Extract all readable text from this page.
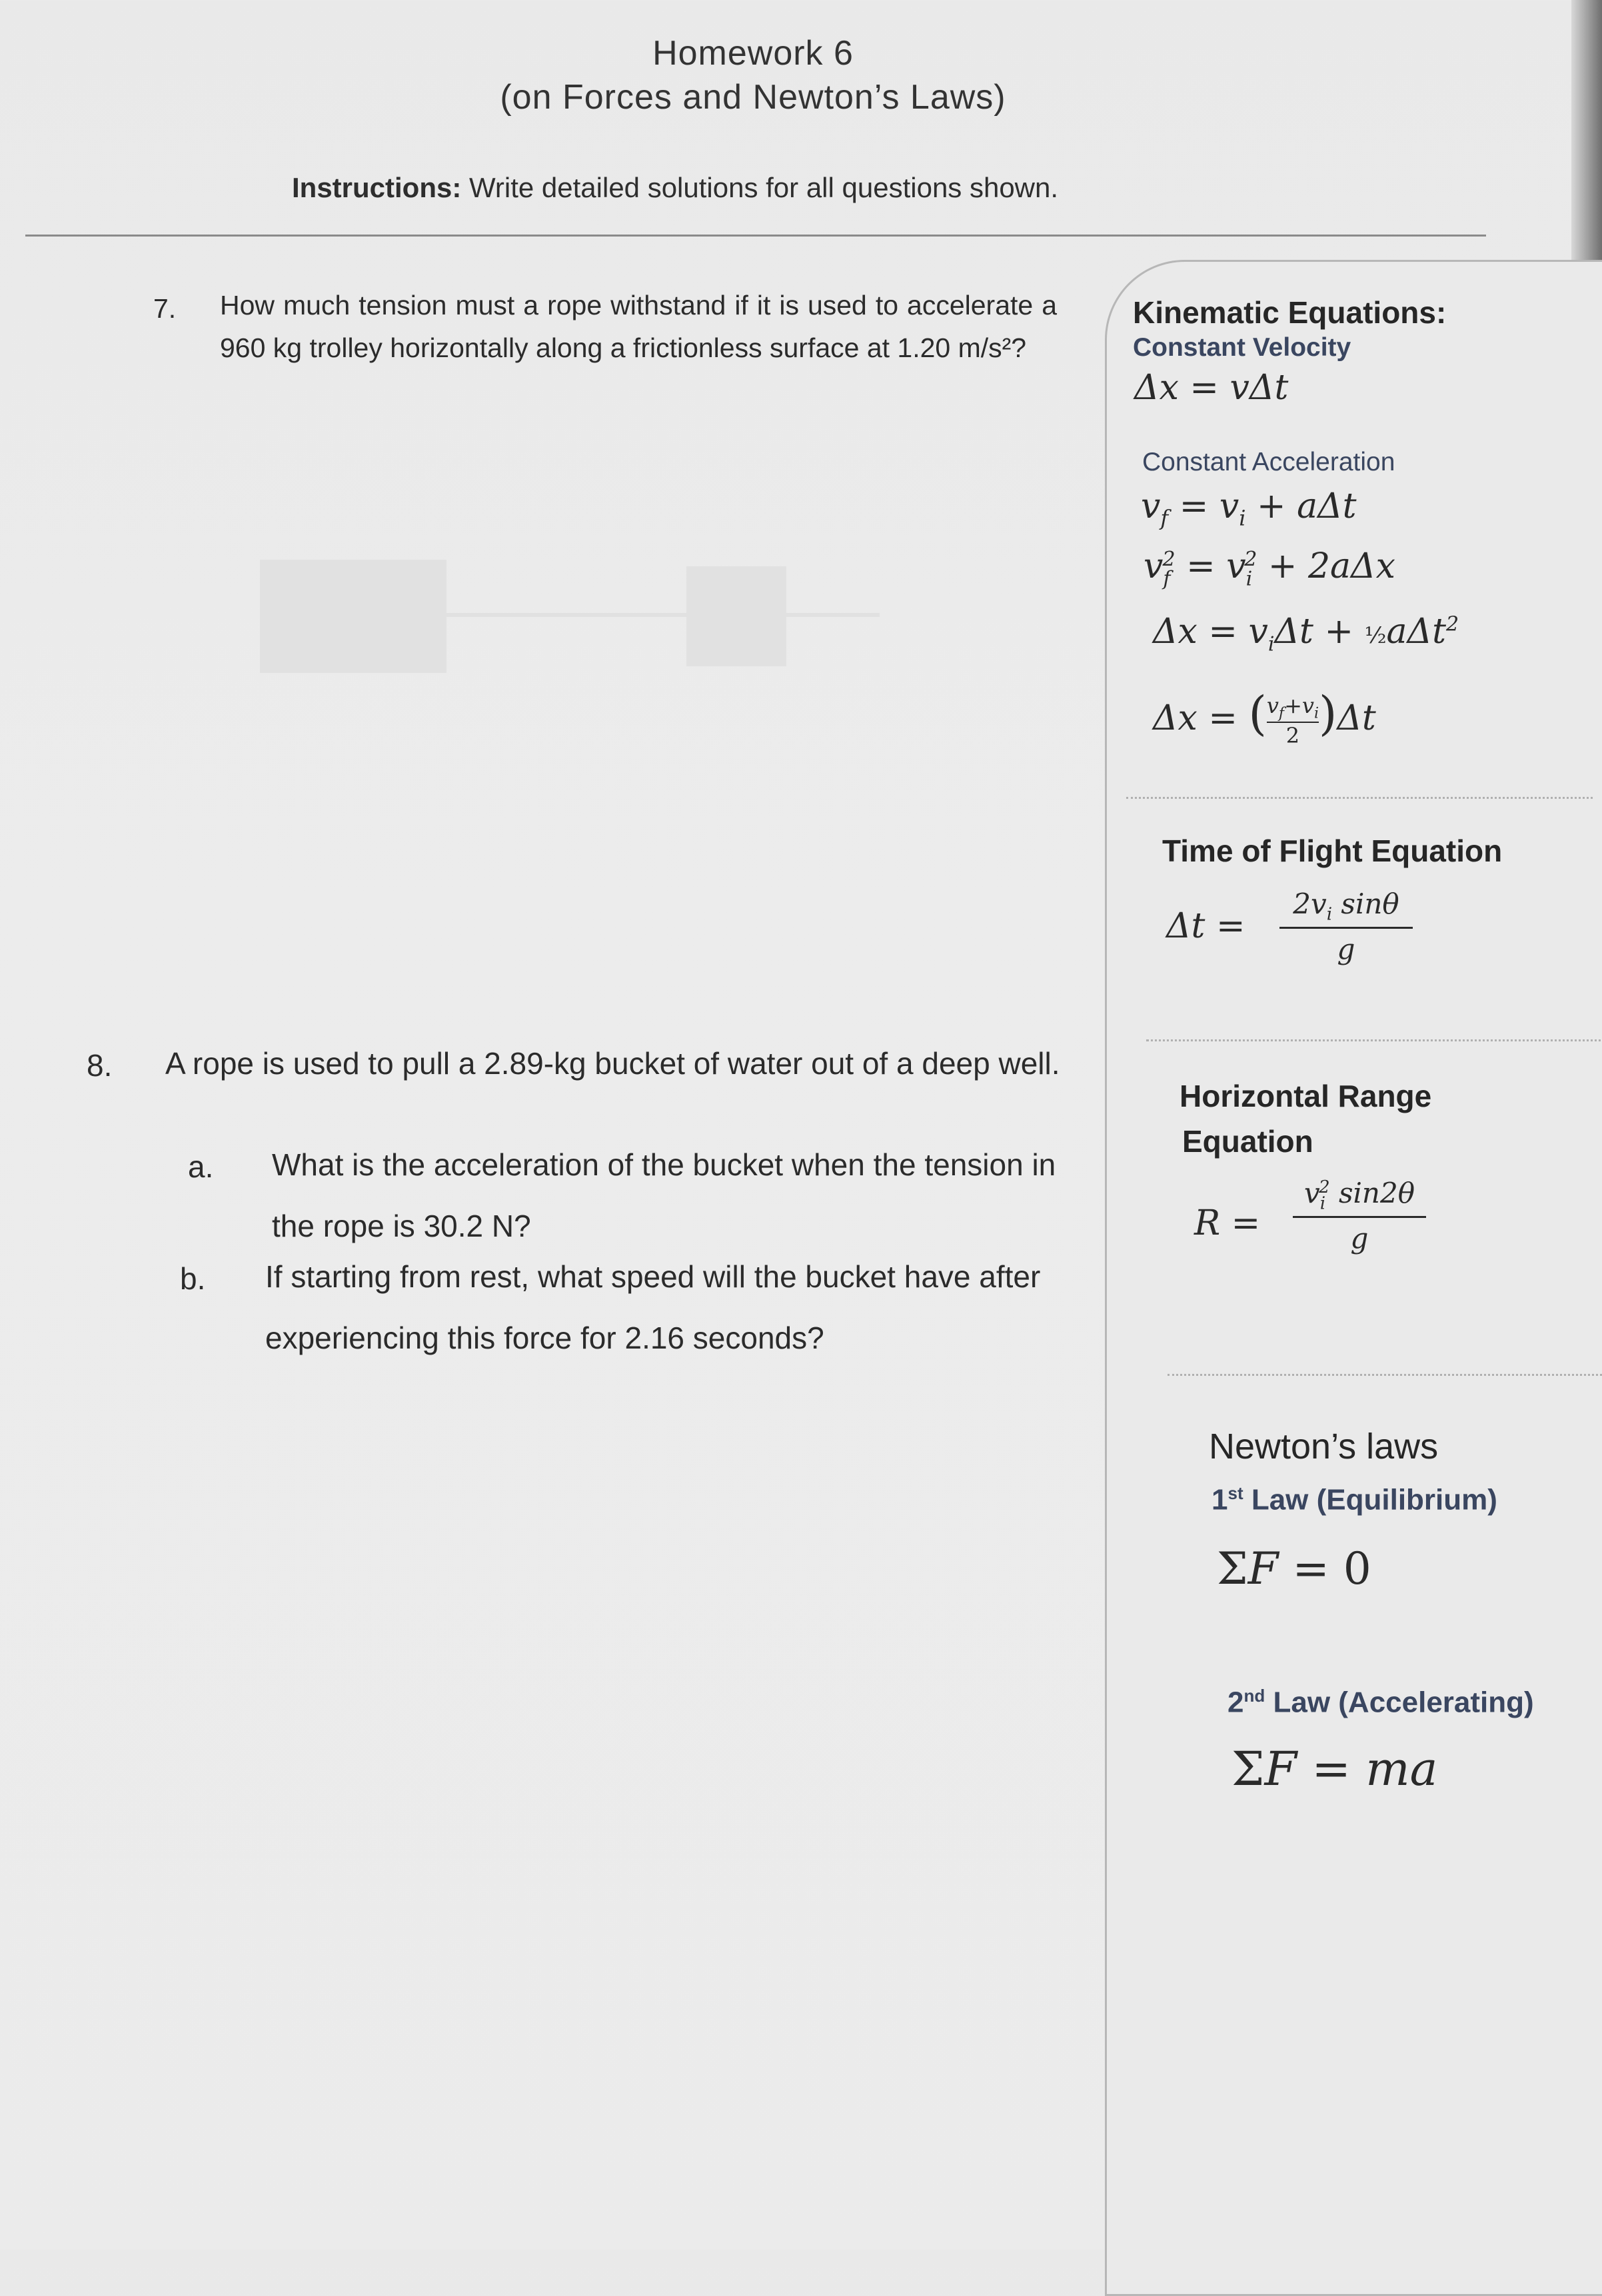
Homework 6
(on Forces and Newton’s Laws)
Instructions: Write detailed solutions for all questions shown.
7. How much tension must a rope withstand if it is used to accelerate a 960 kg trolley horizontally along a frictionless surface at 1.20 m/s²?
8. A rope is used to pull a 2.89-kg bucket of water out of a deep well.
a. What is the acceleration of the bucket when the tension in the rope is 30.2 N?
b. If starting from rest, what speed will the bucket have after experiencing this force for 2.16 seconds?
Kinematic Equations:
Constant Velocity
Δx = vΔt
Constant Acceleration
$v_f = v_i + a\Delta t$
$v_f^2 = v_i^2 + 2a\Delta x$
$\Delta x = v_i\Delta t$ + ½aΔt$^2$
Δx = ( $\frac{v_f+v_i}{2} )\Delta t$
Time of Flight Equation
$\Delta t = \frac{2v_i \sin\theta}{g}$
Horizontal Range
Equation
$R = \frac{v_i^2 \sin 2\theta}{g}$
Newton’s laws
1st Law (Equilibrium)
ΣF = 0
2nd Law (Accelerating)
ΣF = ma
